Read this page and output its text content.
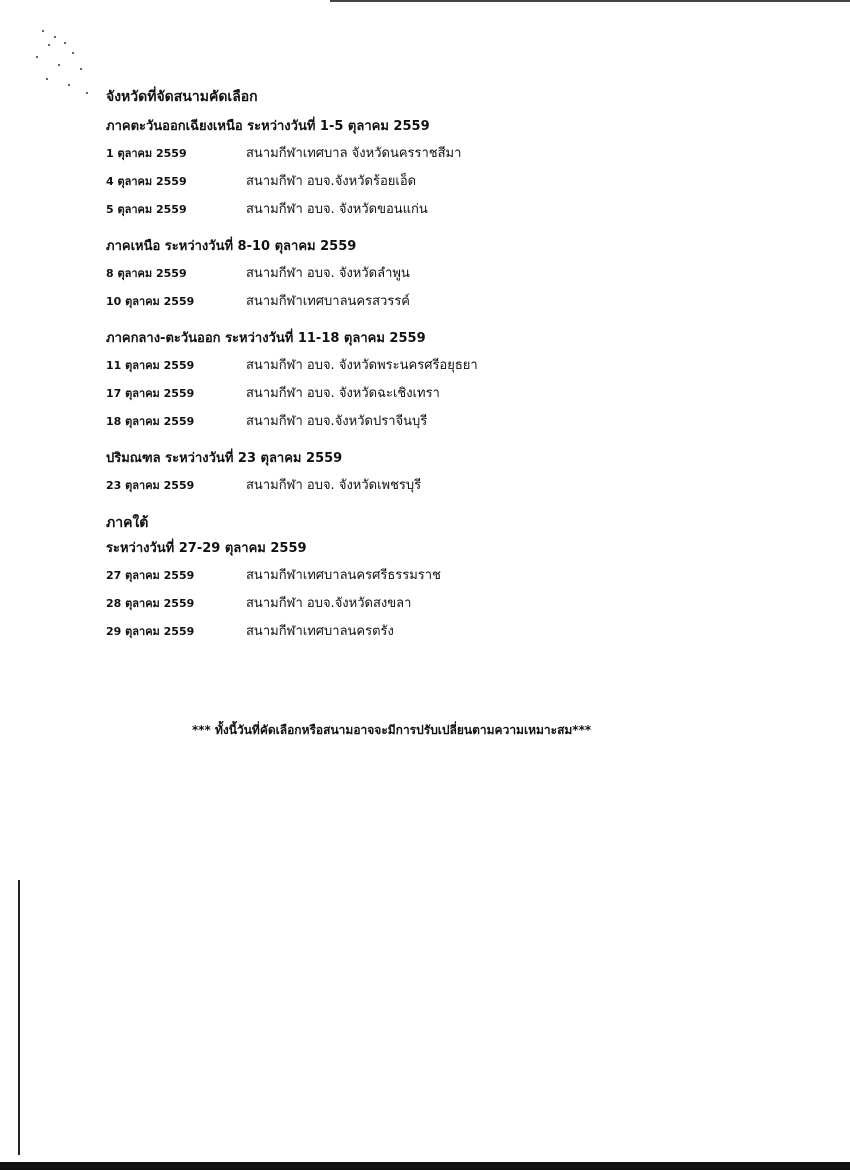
จังหวัดที่จัดสนามคัดเลือก
ภาคตะวันออกเฉียงเหนือ ระหว่างวันที่ 1-5 ตุลาคม 2559
1 ตุลาคม 2559	สนามกีฬาเทศบาล จังหวัดนครราชสีมา
4 ตุลาคม 2559	สนามกีฬา อบจ.จังหวัดร้อยเอ็ด
5 ตุลาคม 2559	สนามกีฬา อบจ. จังหวัดขอนแก่น
ภาคเหนือ ระหว่างวันที่ 8-10 ตุลาคม 2559
8 ตุลาคม 2559	สนามกีฬา อบจ. จังหวัดลำพูน
10 ตุลาคม 2559	สนามกีฬาเทศบาลนครสวรรค์
ภาคกลาง-ตะวันออก ระหว่างวันที่ 11-18 ตุลาคม 2559
11 ตุลาคม 2559	สนามกีฬา อบจ. จังหวัดพระนครศรีอยุธยา
17 ตุลาคม 2559	สนามกีฬา อบจ. จังหวัดฉะเชิงเทรา
18 ตุลาคม 2559	สนามกีฬา อบจ.จังหวัดปราจีนบุรี
ปริมณฑล ระหว่างวันที่ 23 ตุลาคม 2559
23 ตุลาคม 2559	สนามกีฬา อบจ. จังหวัดเพชรบุรี
ภาคใต้
ระหว่างวันที่ 27-29 ตุลาคม 2559
27 ตุลาคม 2559	สนามกีฬาเทศบาลนครศรีธรรมราช
28 ตุลาคม 2559	สนามกีฬา อบจ.จังหวัดสงขลา
29 ตุลาคม 2559	สนามกีฬาเทศบาลนครตรัง
*** ทั้งนี้วันที่คัดเลือกหรือสนามอาจจะมีการปรับเปลี่ยนตามความเหมาะสม***
